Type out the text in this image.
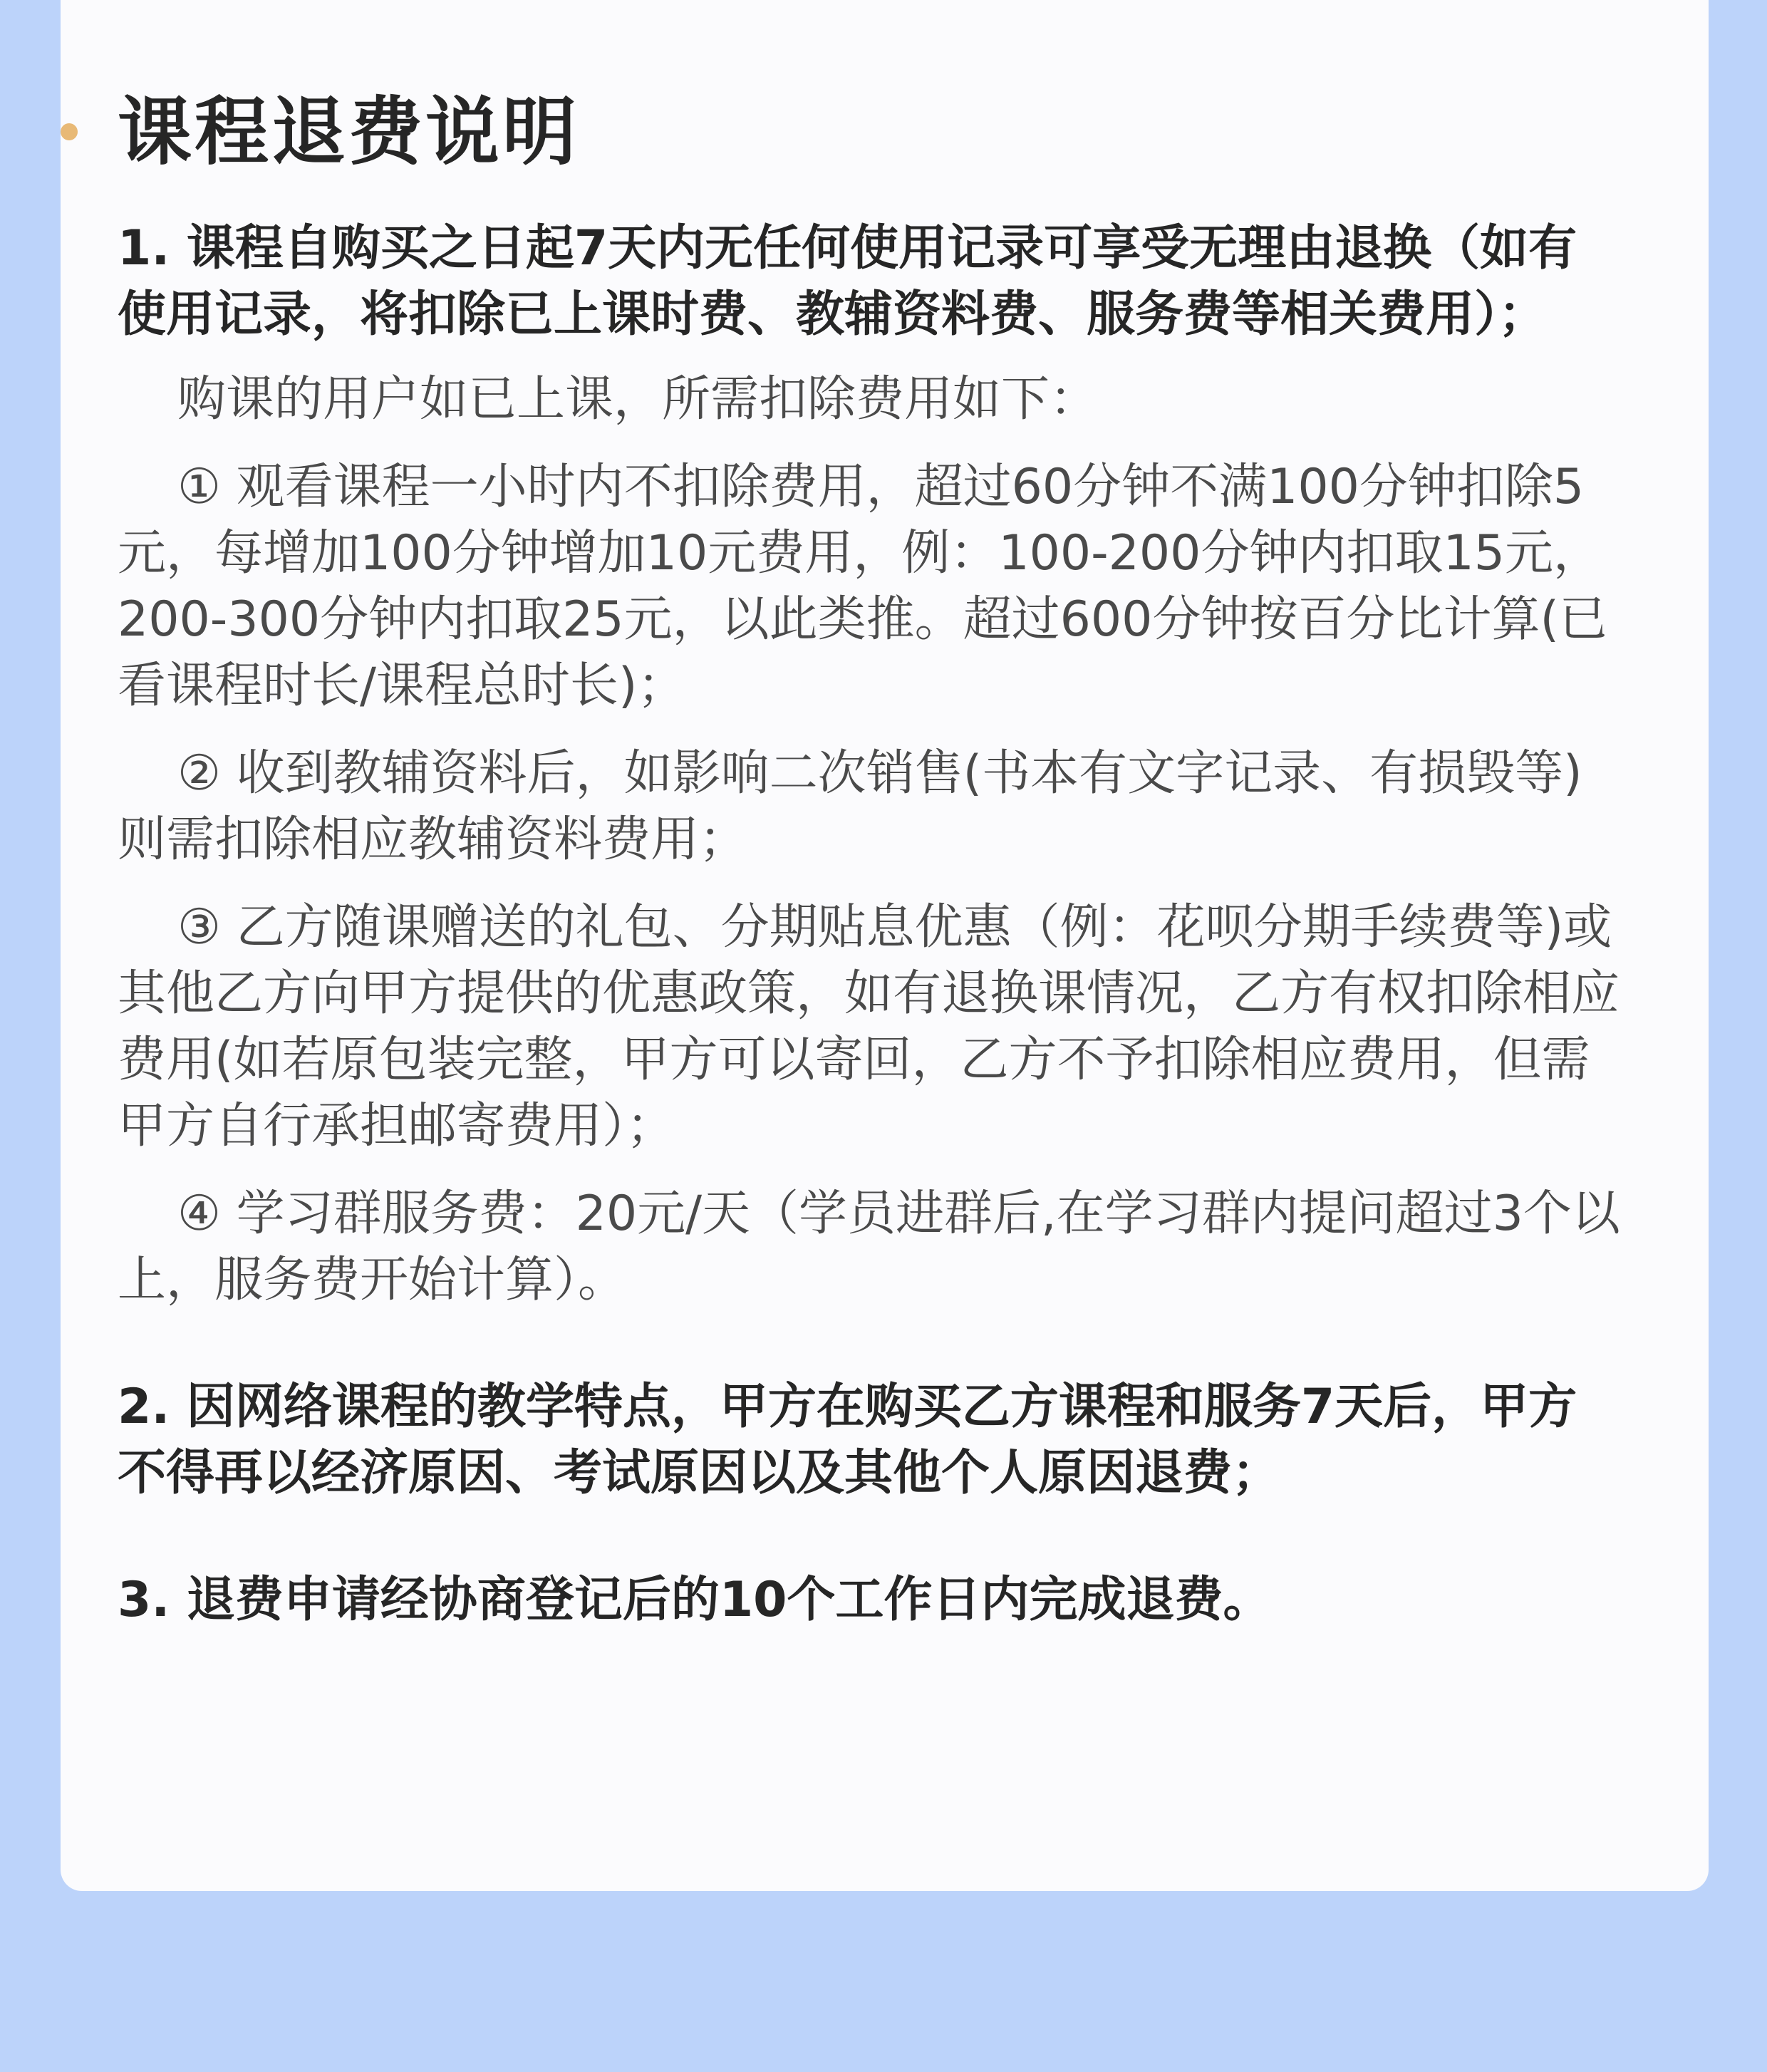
课程退费说明

1. 课程自购买之日起7天内无任何使用记录可享受无理由退换（如有使用记录，将扣除已上课时费、教辅资料费、服务费等相关费用）；

购课的用户如已上课，所需扣除费用如下：

① 观看课程一小时内不扣除费用，超过60分钟不满100分钟扣除5元，每增加100分钟增加10元费用，例：100-200分钟内扣取15元，200-300分钟内扣取25元，以此类推。超过600分钟按百分比计算(已看课程时长/课程总时长)；

② 收到教辅资料后，如影响二次销售(书本有文字记录、有损毁等)则需扣除相应教辅资料费用；

③ 乙方随课赠送的礼包、分期贴息优惠（例：花呗分期手续费等)或其他乙方向甲方提供的优惠政策，如有退换课情况，乙方有权扣除相应费用(如若原包装完整，甲方可以寄回，乙方不予扣除相应费用，但需甲方自行承担邮寄费用）；

④ 学习群服务费：20元/天（学员进群后,在学习群内提问超过3个以上，服务费开始计算）。

2. 因网络课程的教学特点，甲方在购买乙方课程和服务7天后，甲方不得再以经济原因、考试原因以及其他个人原因退费；

3. 退费申请经协商登记后的10个工作日内完成退费。
